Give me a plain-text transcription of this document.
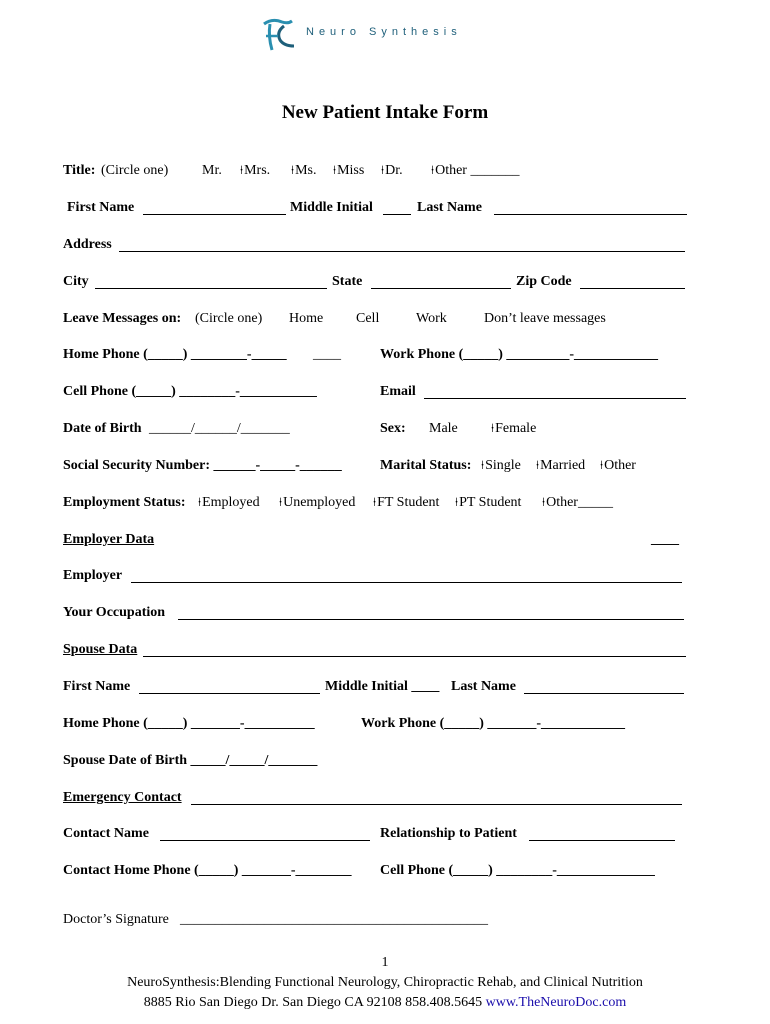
Neuro Synthesis
New Patient Intake Form
Title: (Circle one) Mr. ⍿Mrs. ⍿Ms. ⍿Miss ⍿Dr. ⍿Other _______
First Name	Middle Initial	Last Name
Address
City	State	Zip Code
Leave Messages on: (Circle one) Home Cell	Work	Don’t leave messages
Home Phone (_____) ________-_____ ____	Work Phone (_____) _________-____________
Cell Phone (_____) ________-___________	Email
Date of Birth ______/______/_______	Sex: Male	⍿Female
Social Security Number: ______-_____-______	Marital Status: ⍿Single ⍿Married ⍿Other
Employment Status: ⍿Employed ⍿Unemployed ⍿FT Student ⍿PT Student ⍿Other_____
Employer Data	____
Employer
Your Occupation
Spouse Data
First Name	Middle Initial ____ Last Name
Home Phone (_____) _______-__________	Work Phone (_____) _______-____________
Spouse Date of Birth _____/_____/_______
Emergency Contact
Contact Name	Relationship to Patient
Contact Home Phone (_____) _______-________ Cell Phone (_____) ________-______________
Doctor’s Signature ____________________________________________
1
NeuroSynthesis:Blending Functional Neurology, Chiropractic Rehab, and Clinical Nutrition
8885 Rio San Diego Dr. San Diego CA 92108 858.408.5645 www.TheNeuroDoc.com
